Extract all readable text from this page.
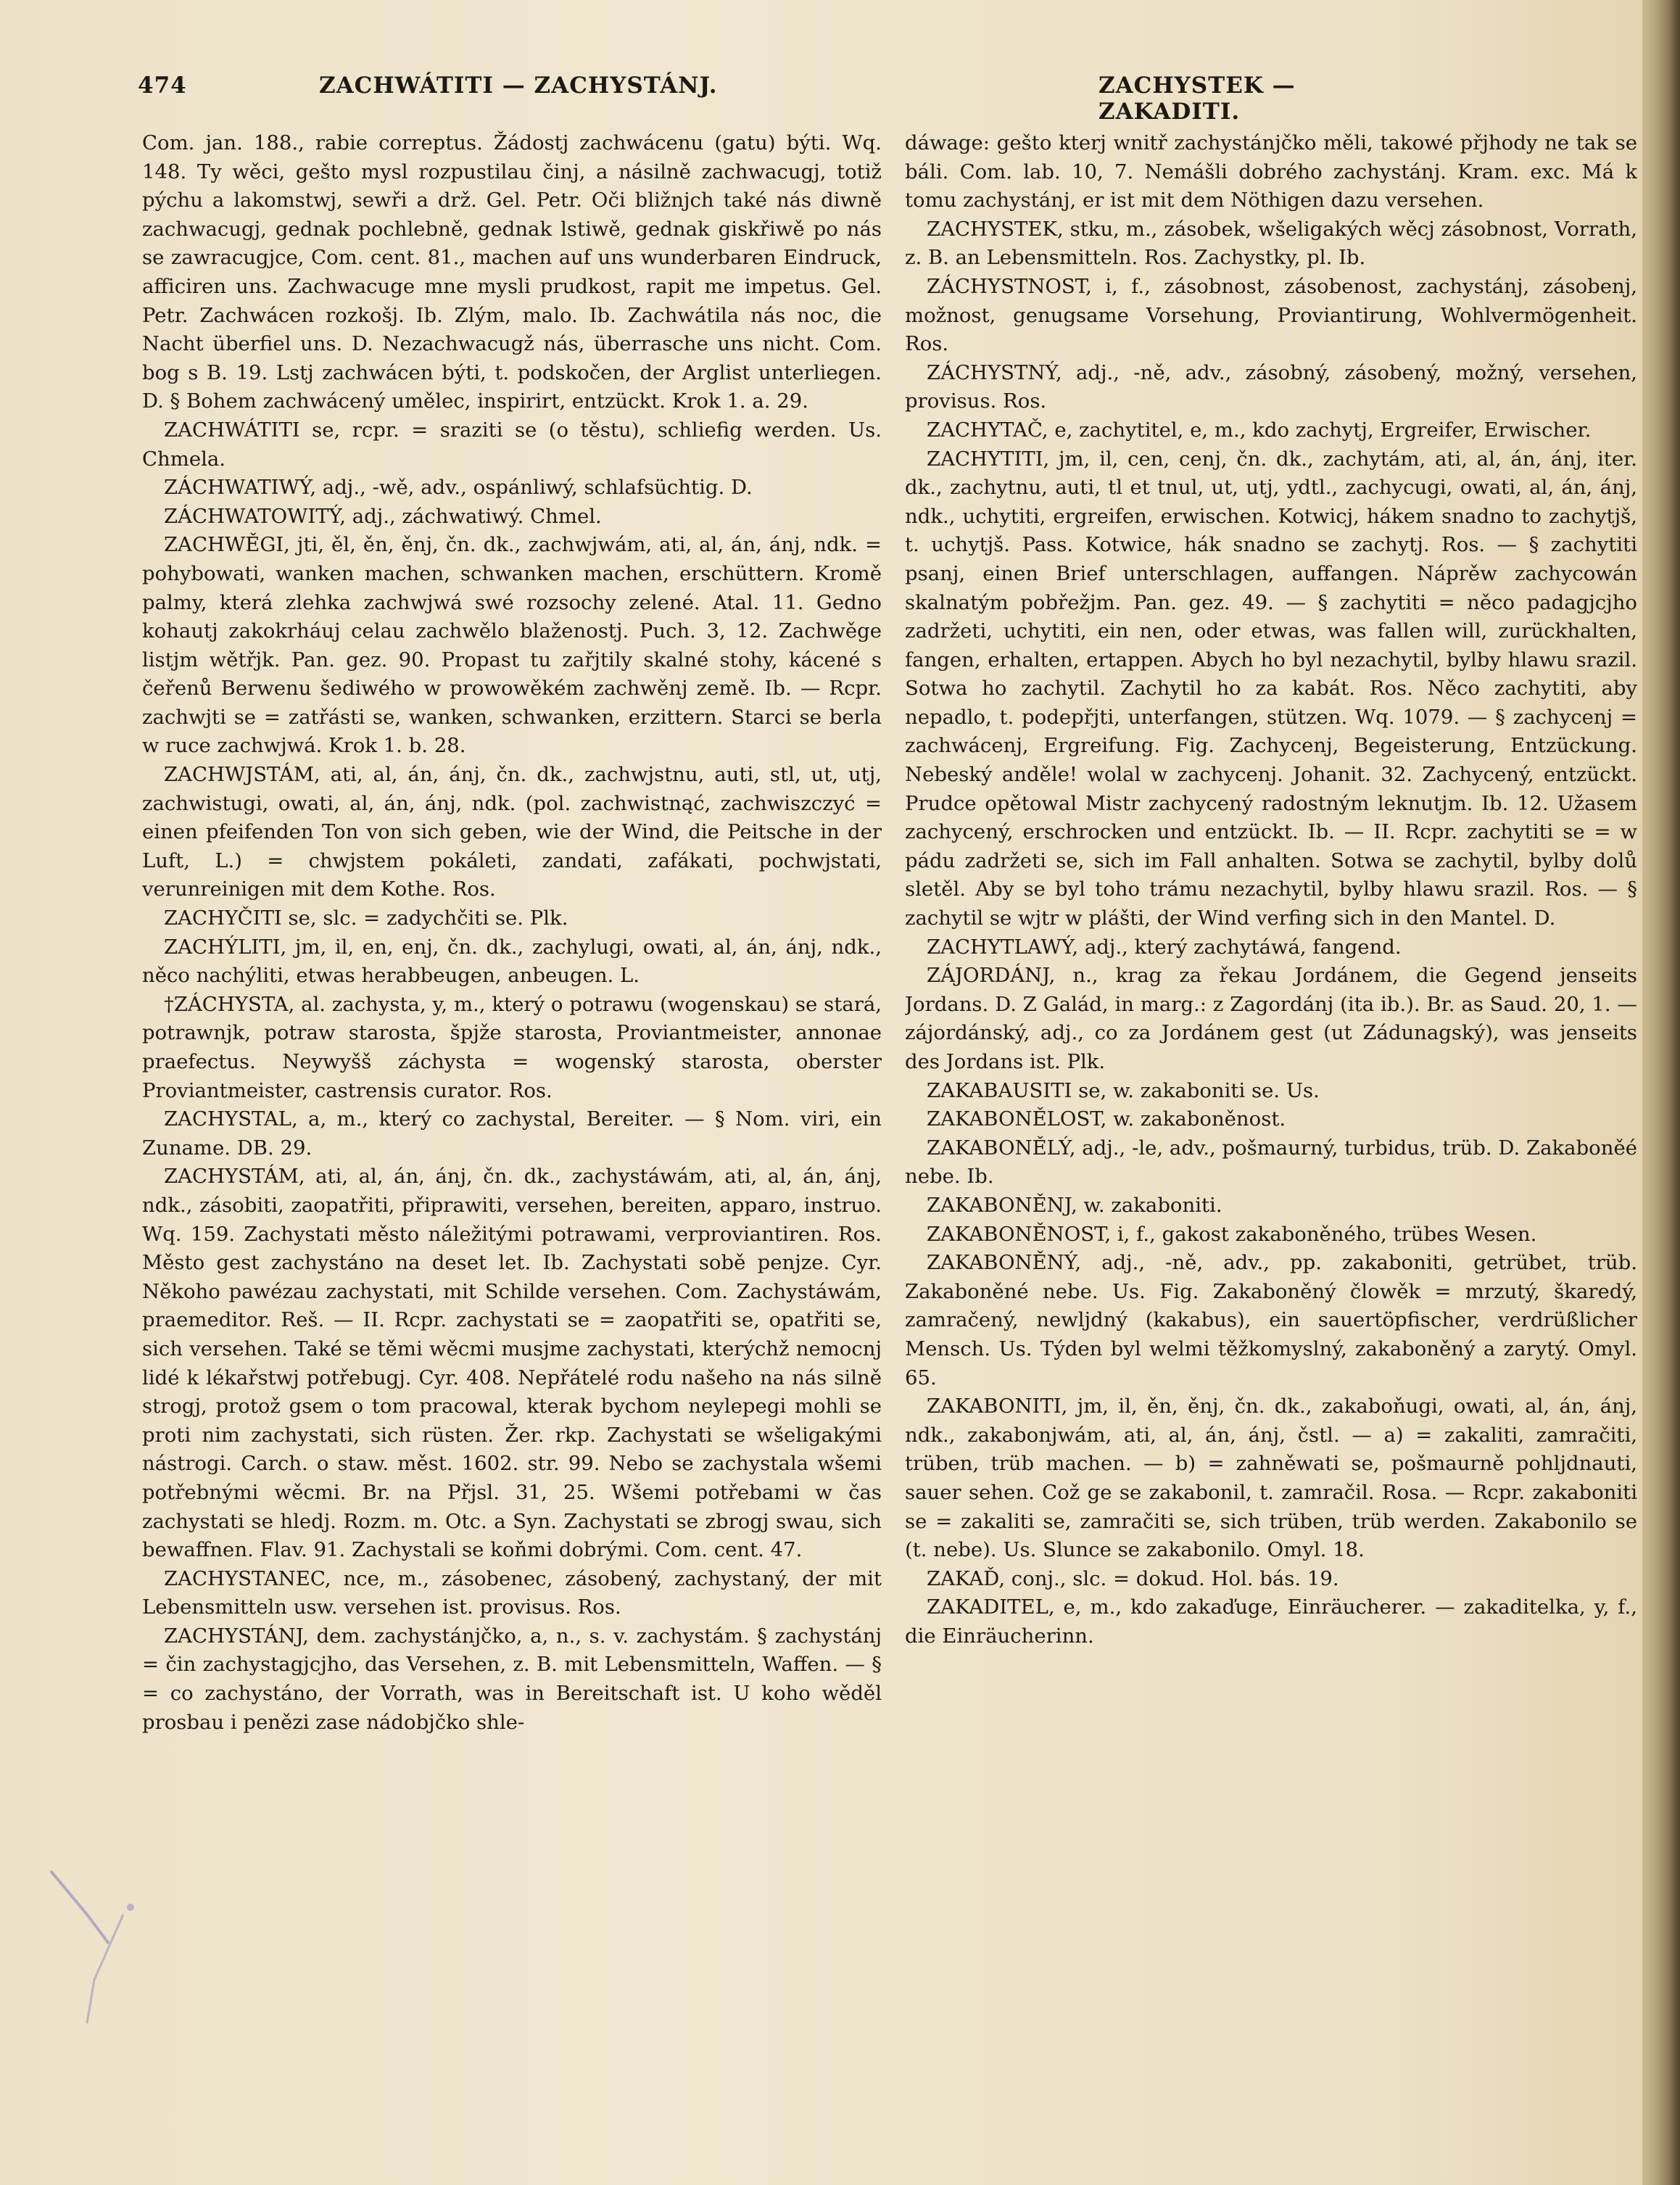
474	ZACHWÁTITI — ZACHYSTÁNJ.	ZACHYSTEK — ZAKADITI.

Com. jan. 188., rabie correptus. Žádostj zachwácenu (gatu) býti. Wq. 148. Ty wěci, gešto mysl rozpustilau činj, a násilně zachwacugj, totiž pýchu a lakomstwj, sewři a drž. Gel. Petr. Oči bližnjch také nás diwně zachwacugj, gednak pochlebně, gednak lstiwě, gednak giskřiwě po nás se zawracugjce, Com. cent. 81., machen auf uns wunderbaren Eindruck, afficiren uns. Zachwacuge mne mysli prudkost, rapit me impetus. Gel. Petr. Zachwácen rozkošj. Ib. Zlým, malo. Ib. Zachwátila nás noc, die Nacht überfiel uns. D. Nezachwacugž nás, überrasche uns nicht. Com. bog s B. 19. Lstj zachwácen býti, t. podskočen, der Arglist unterliegen. D. § Bohem zachwácený umělec, inspirirt, entzückt. Krok 1. a. 29.

ZACHWÁTITI se, rcpr. = sraziti se (o těstu), schliefig werden. Us. Chmela.

ZÁCHWATIWÝ, adj., -wě, adv., ospánliwý, schlafsüchtig. D.

ZÁCHWATOWITÝ, adj., záchwatiwý. Chmel.

ZACHWĚGI, jti, ěl, ěn, ěnj, čn. dk., zachwjwám, ati, al, án, ánj, ndk. = pohybowati, wanken machen, schwanken machen, erschüttern. Kromě palmy, která zlehka zachwjwá swé rozsochy zelené. Atal. 11. Gedno kohautj zakokrháuj celau zachwělo blaženostj. Puch. 3, 12. Zachwěge listjm wětřjk. Pan. gez. 90. Propast tu zařjtily skalné stohy, kácené s čeřenů Berwenu šediwého w prowowěkém zachwěnj země. Ib. — Rcpr. zachwjti se = zatřásti se, wanken, schwanken, erzittern. Starci se berla w ruce zachwjwá. Krok 1. b. 28.

ZACHWJSTÁM, ati, al, án, ánj, čn. dk., zachwjstnu, auti, stl, ut, utj, zachwistugi, owati, al, án, ánj, ndk. (pol. zachwistnąć, zachwiszczyć = einen pfeifenden Ton von sich geben, wie der Wind, die Peitsche in der Luft, L.) = chwjstem pokáleti, zandati, zafákati, pochwjstati, verunreinigen mit dem Kothe. Ros.

ZACHYČITI se, slc. = zadychčiti se. Plk.

ZACHÝLITI, jm, il, en, enj, čn. dk., zachylugi, owati, al, án, ánj, ndk., něco nachýliti, etwas herabbeugen, anbeugen. L.

†ZÁCHYSTA, al. zachysta, y, m., který o potrawu (wogenskau) se stará, potrawnjk, potraw starosta, špjže starosta, Proviantmeister, annonae praefectus. Neywyšš záchysta = wogenský starosta, oberster Proviantmeister, castrensis curator. Ros.

ZACHYSTAL, a, m., který co zachystal, Bereiter. — § Nom. viri, ein Zuname. DB. 29.

ZACHYSTÁM, ati, al, án, ánj, čn. dk., zachystáwám, ati, al, án, ánj, ndk., zásobiti, zaopatřiti, připrawiti, versehen, bereiten, apparo, instruo. Wq. 159. Zachystati město náležitými potrawami, verproviantiren. Ros. Město gest zachystáno na deset let. Ib. Zachystati sobě penjze. Cyr. Někoho pawézau zachystati, mit Schilde versehen. Com. Zachystáwám, praemeditor. Reš. — II. Rcpr. zachystati se = zaopatřiti se, opatřiti se, sich versehen. Také se těmi wěcmi musjme zachystati, kterýchž nemocnj lidé k lékařstwj potřebugj. Cyr. 408. Nepřátelé rodu našeho na nás silně strogj, protož gsem o tom pracowal, kterak bychom neylepegi mohli se proti nim zachystati, sich rüsten. Žer. rkp. Zachystati se wšeligakými nástrogi. Carch. o staw. měst. 1602. str. 99. Nebo se zachystala wšemi potřebnými wěcmi. Br. na Přjsl. 31, 25. Wšemi potřebami w čas zachystati se hledj. Rozm. m. Otc. a Syn. Zachystati se zbrogj swau, sich bewaffnen. Flav. 91. Zachystali se koňmi dobrými. Com. cent. 47.

ZACHYSTANEC, nce, m., zásobenec, zásobený, zachystaný, der mit Lebensmitteln usw. versehen ist. provisus. Ros.

ZACHYSTÁNJ, dem. zachystánjčko, a, n., s. v. zachystám. § zachystánj = čin zachystagjcjho, das Versehen, z. B. mit Lebensmitteln, Waffen. — § = co zachystáno, der Vorrath, was in Bereitschaft ist. U koho wěděl prosbau i penězi zase nádobjčko shle-

dáwage: gešto kterj wnitř zachystánjčko měli, takowé přjhody ne tak se báli. Com. lab. 10, 7. Nemášli dobrého zachystánj. Kram. exc. Má k tomu zachystánj, er ist mit dem Nöthigen dazu versehen.

ZACHYSTEK, stku, m., zásobek, wšeligakých wěcj zásobnost, Vorrath, z. B. an Lebensmitteln. Ros. Zachystky, pl. Ib.

ZÁCHYSTNOST, i, f., zásobnost, zásobenost, zachystánj, zásobenj, možnost, genugsame Vorsehung, Proviantirung, Wohlvermögenheit. Ros.

ZÁCHYSTNÝ, adj., -ně, adv., zásobný, zásobený, možný, versehen, provisus. Ros.

ZACHYTAČ, e, zachytitel, e, m., kdo zachytj, Ergreifer, Erwischer.

ZACHYTITI, jm, il, cen, cenj, čn. dk., zachytám, ati, al, án, ánj, iter. dk., zachytnu, auti, tl et tnul, ut, utj, ydtl., zachycugi, owati, al, án, ánj, ndk., uchytiti, ergreifen, erwischen. Kotwicj, hákem snadno to zachytjš, t. uchytjš. Pass. Kotwice, hák snadno se zachytj. Ros. — § zachytiti psanj, einen Brief unterschlagen, auffangen. Náprěw zachycowán skalnatým pobřežjm. Pan. gez. 49. — § zachytiti = něco padagjcjho zadržeti, uchytiti, ein nen, oder etwas, was fallen will, zurückhalten, fangen, erhalten, ertappen. Abych ho byl nezachytil, bylby hlawu srazil. Sotwa ho zachytil. Zachytil ho za kabát. Ros. Něco zachytiti, aby nepadlo, t. podepřjti, unterfangen, stützen. Wq. 1079. — § zachycenj = zachwácenj, Ergreifung. Fig. Zachycenj, Begeisterung, Entzückung. Nebeský anděle! wolal w zachycenj. Johanit. 32. Zachycený, entzückt. Prudce opětowal Mistr zachycený radostným leknutjm. Ib. 12. Užasem zachycený, erschrocken und entzückt. Ib. — II. Rcpr. zachytiti se = w pádu zadržeti se, sich im Fall anhalten. Sotwa se zachytil, bylby dolů sletěl. Aby se byl toho trámu nezachytil, bylby hlawu srazil. Ros. — § zachytil se wjtr w plášti, der Wind verfing sich in den Mantel. D.

ZACHYTLAWÝ, adj., který zachytáwá, fangend.

ZÁJORDÁNJ, n., krag za řekau Jordánem, die Gegend jenseits Jordans. D. Z Galád, in marg.: z Zagordánj (ita ib.). Br. as Saud. 20, 1. — zájordánský, adj., co za Jordánem gest (ut Zádunagský), was jenseits des Jordans ist. Plk.

ZAKABAUSITI se, w. zakaboniti se. Us.

ZAKABONĚLOST, w. zakaboněnost.

ZAKABONĚLÝ, adj., -le, adv., pošmaurný, turbidus, trüb. D. Zakaboněé nebe. Ib.

ZAKABONĚNJ, w. zakaboniti.

ZAKABONĚNOST, i, f., gakost zakaboněného, trübes Wesen.

ZAKABONĚNÝ, adj., -ně, adv., pp. zakaboniti, getrübet, trüb. Zakaboněné nebe. Us. Fig. Zakaboněný člowěk = mrzutý, škaredý, zamračený, newljdný (kakabus), ein sauertöpfischer, verdrüßlicher Mensch. Us. Týden byl welmi těžkomyslný, zakaboněný a zarytý. Omyl. 65.

ZAKABONITI, jm, il, ěn, ěnj, čn. dk., zakaboňugi, owati, al, án, ánj, ndk., zakabonjwám, ati, al, án, ánj, čstl. — a) = zakaliti, zamračiti, trüben, trüb machen. — b) = zahněwati se, pošmaurně pohljdnauti, sauer sehen. Což ge se zakabonil, t. zamračil. Rosa. — Rcpr. zakaboniti se = zakaliti se, zamračiti se, sich trüben, trüb werden. Zakabonilo se (t. nebe). Us. Slunce se zakabonilo. Omyl. 18.

ZAKAĎ, conj., slc. = dokud. Hol. bás. 19.

ZAKADITEL, e, m., kdo zakaďuge, Einräucherer. — zakaditelka, y, f., die Einräucherinn.
